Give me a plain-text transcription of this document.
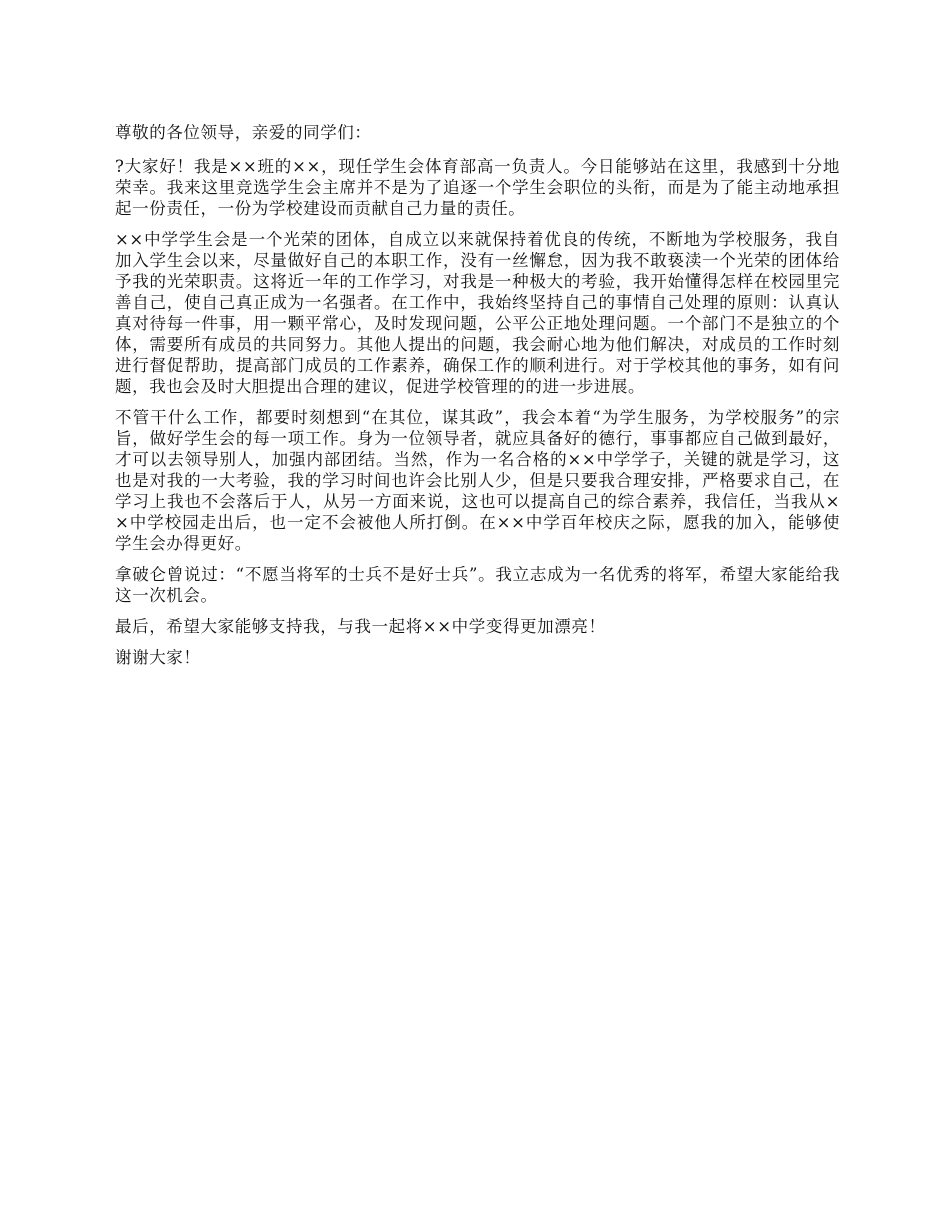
尊敬的各位领导，亲爱的同学们：

?大家好！我是××班的××，现任学生会体育部高一负责人。今日能够站在这里，我感到十分地荣幸。我来这里竞选学生会主席并不是为了追逐一个学生会职位的头衔，而是为了能主动地承担起一份责任，一份为学校建设而贡献自己力量的责任。

××中学学生会是一个光荣的团体，自成立以来就保持着优良的传统，不断地为学校服务，我自加入学生会以来，尽量做好自己的本职工作，没有一丝懈怠，因为我不敢亵渎一个光荣的团体给予我的光荣职责。这将近一年的工作学习，对我是一种极大的考验，我开始懂得怎样在校园里完善自己，使自己真正成为一名强者。在工作中，我始终坚持自己的事情自己处理的原则：认真认真对待每一件事，用一颗平常心，及时发现问题，公平公正地处理问题。一个部门不是独立的个体，需要所有成员的共同努力。其他人提出的问题，我会耐心地为他们解决，对成员的工作时刻进行督促帮助，提高部门成员的工作素养，确保工作的顺利进行。对于学校其他的事务，如有问题，我也会及时大胆提出合理的建议，促进学校管理的的进一步进展。

不管干什么工作，都要时刻想到“在其位，谋其政”，我会本着“为学生服务，为学校服务”的宗旨，做好学生会的每一项工作。身为一位领导者，就应具备好的德行，事事都应自己做到最好，才可以去领导别人，加强内部团结。当然，作为一名合格的××中学学子，关键的就是学习，这也是对我的一大考验，我的学习时间也许会比别人少，但是只要我合理安排，严格要求自己，在学习上我也不会落后于人，从另一方面来说，这也可以提高自己的综合素养，我信任，当我从××中学校园走出后，也一定不会被他人所打倒。在××中学百年校庆之际，愿我的加入，能够使学生会办得更好。

拿破仑曾说过：“不愿当将军的士兵不是好士兵”。我立志成为一名优秀的将军，希望大家能给我这一次机会。

最后，希望大家能够支持我，与我一起将××中学变得更加漂亮！

谢谢大家！
